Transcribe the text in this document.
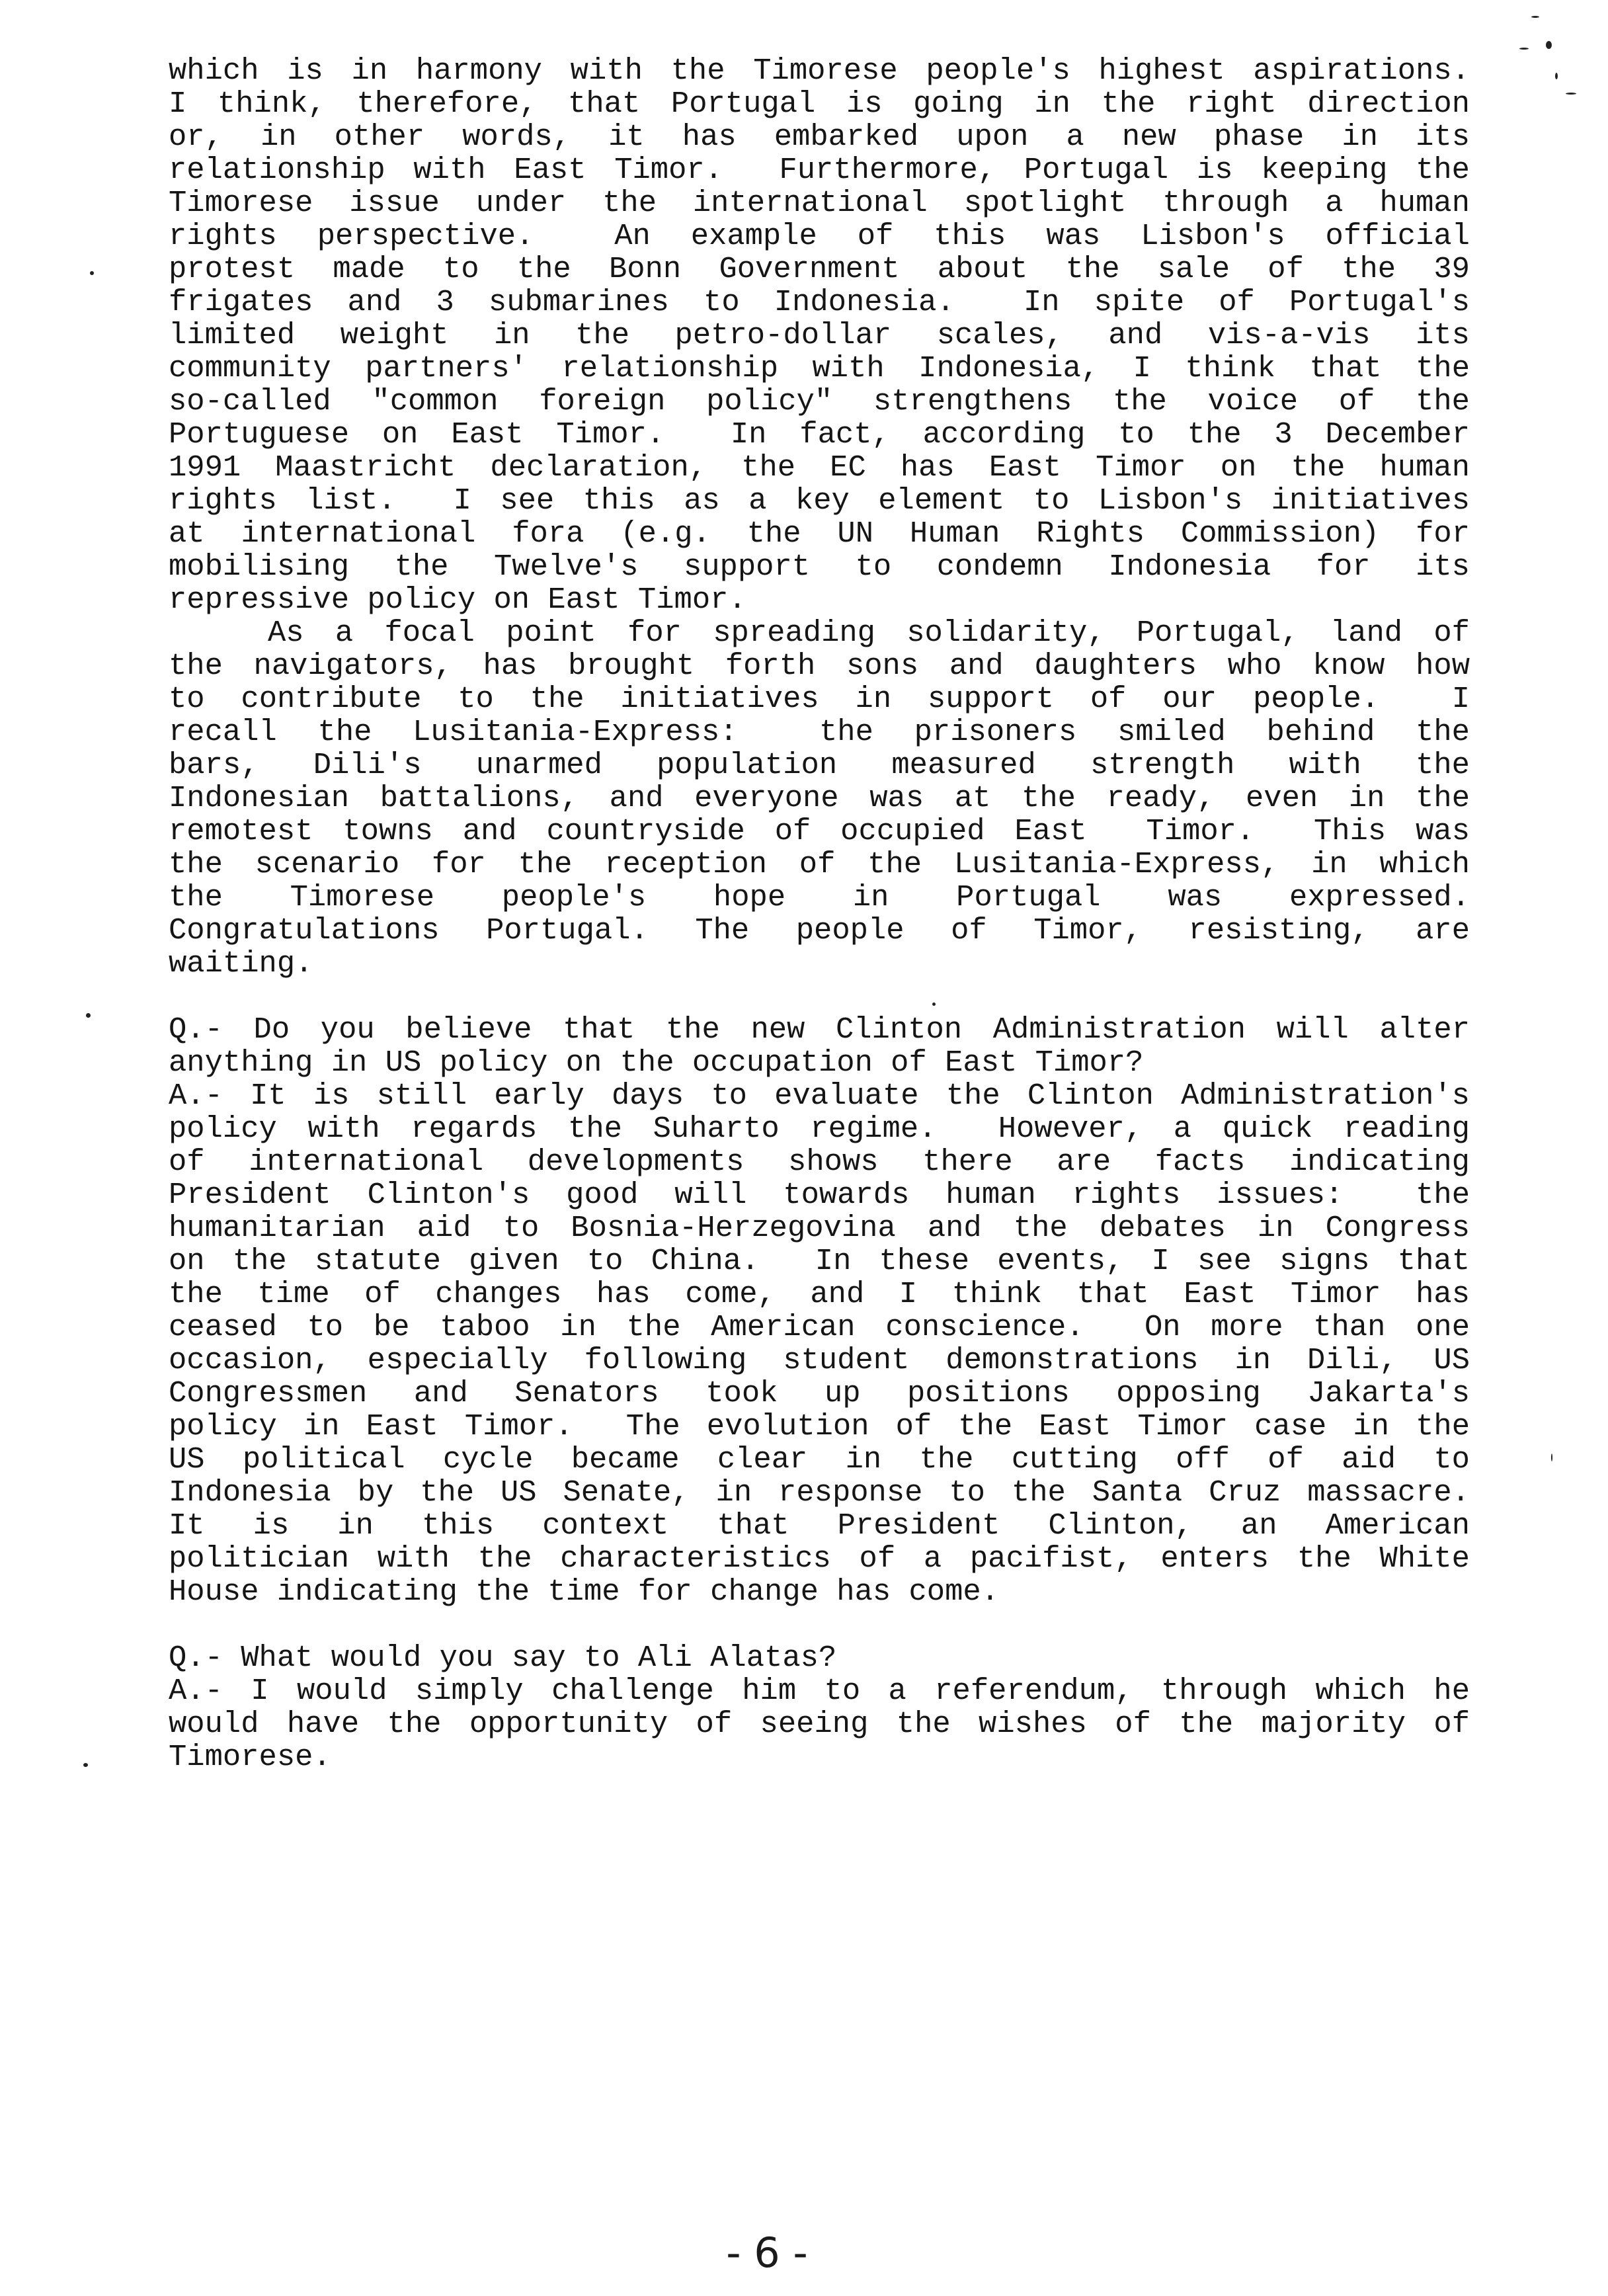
which is in harmony with the Timorese people's highest aspirations.
I think, therefore, that Portugal is going in the right direction
or, in other words, it has embarked upon a new phase in its
relationship with East Timor.  Furthermore, Portugal is keeping the
Timorese issue under the international spotlight through a human
rights perspective.  An example of this was Lisbon's official
protest made to the Bonn Government about the sale of the 39
frigates and 3 submarines to Indonesia.  In spite of Portugal's
limited weight in the petro-dollar scales, and vis-a-vis its
community partners' relationship with Indonesia, I think that the
so-called "common foreign policy" strengthens the voice of the
Portuguese on East Timor.  In fact, according to the 3 December
1991 Maastricht declaration, the EC has East Timor on the human
rights list.  I see this as a key element to Lisbon's initiatives
at international fora (e.g. the UN Human Rights Commission) for
mobilising the Twelve's support to condemn Indonesia for its
repressive policy on East Timor.
As a focal point for spreading solidarity, Portugal, land of
the navigators, has brought forth sons and daughters who know how
to contribute to the initiatives in support of our people.  I
recall the Lusitania-Express:  the prisoners smiled behind the
bars, Dili's unarmed population measured strength with the
Indonesian battalions, and everyone was at the ready, even in the
remotest towns and countryside of occupied East  Timor.  This was
the scenario for the reception of the Lusitania-Express, in which
the Timorese people's hope in Portugal was expressed.
Congratulations Portugal. The people of Timor, resisting, are
waiting.
Q.- Do you believe that the new Clinton Administration will alter
anything in US policy on the occupation of East Timor?
A.- It is still early days to evaluate the Clinton Administration's
policy with regards the Suharto regime.  However, a quick reading
of international developments shows there are facts indicating
President Clinton's good will towards human rights issues:  the
humanitarian aid to Bosnia-Herzegovina and the debates in Congress
on the statute given to China.  In these events, I see signs that
the time of changes has come, and I think that East Timor has
ceased to be taboo in the American conscience.  On more than one
occasion, especially following student demonstrations in Dili, US
Congressmen and Senators took up positions opposing Jakarta's
policy in East Timor.  The evolution of the East Timor case in the
US political cycle became clear in the cutting off of aid to
Indonesia by the US Senate, in response to the Santa Cruz massacre.
It is in this context that President Clinton, an American
politician with the characteristics of a pacifist, enters the White
House indicating the time for change has come.
Q.- What would you say to Ali Alatas?
A.- I would simply challenge him to a referendum, through which he
would have the opportunity of seeing the wishes of the majority of
Timorese.
- 6 -
